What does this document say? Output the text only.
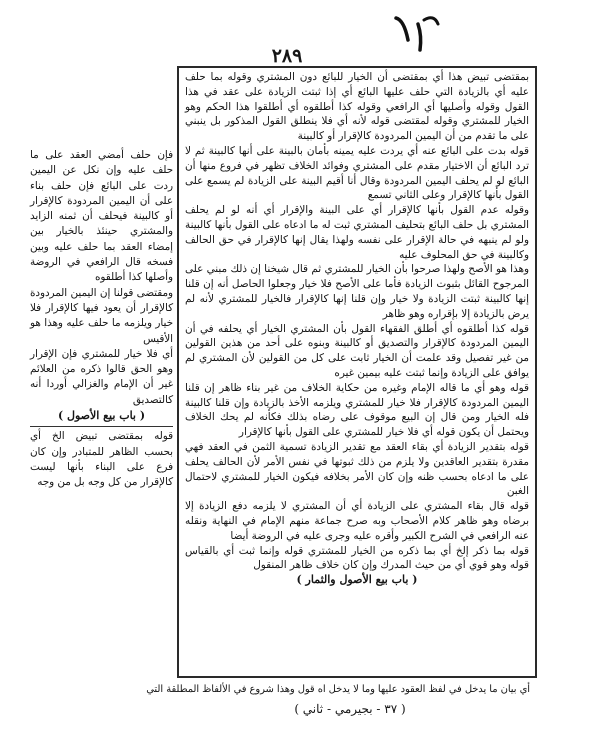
٢٨٩

بمقتضى تبيض هذا أي بمقتضى أن الخيار للبائع دون المشتري وقوله بما حلف عليه أي بالزيادة التي حلف عليها البائع أي إذا ثبتت الزيادة على عقد في هذا القول وقوله وأصليها أي الرافعي وقوله كذا أطلقوه أي أطلقوا هذا الحكم وهو الخيار للمشتري وقوله لمقتضى قوله لأنه أي فلا ينطلق القول المذكور بل ينبني على ما تقدم من أن اليمين المردودة كالإقرار أو كالبينة

قوله بدت على البائع عنه أي يردت عليه يمينه بأمان بالبينة على أنها كالبينة ثم لا ترد البائع أن الاختيار مقدم على المشتري وفوائد الخلاف تظهر في فروع منها أن البائع لو لم يحلف اليمين المردودة وقال أنا أقيم البينة على الزيادة لم يسمع على القول بأنها كالإقرار وعلى الثاني تسمع

وقوله عدم القول بأنها كالإقرار أي على البينة والإقرار أي أنه لو لم يحلف المشتري بل حلف البائع بتحليف المشتري ثبت له ما ادعاه على القول بأنها كالبينة ولو لم ينبهه في حالة الإقرار على نفسه ولهذا يقال إنها كالإقرار في حق الحالف وكالبينة في حق المحلوف عليه

وهذا هو الأصح ولهذا صرحوا بأن الخيار للمشتري ثم قال شيخنا إن ذلك مبني على المرجوح القائل بثبوت الزيادة فأما على الأصح فلا خيار وجعلوا الحاصل أنه إن قلنا إنها كالبينة ثبتت الزيادة ولا خيار وإن قلنا إنها كالإقرار فالخيار للمشتري لأنه لم يرض بالزيادة إلا بإقراره وهو ظاهر

قوله كذا أطلقوه أي أطلق الفقهاء القول بأن المشتري الخيار أي يحلفه في أن اليمين المردودة كالإقرار والتصديق أو كالبينة وبنوه على أحد من هذين القولين من غير تفصيل وقد علمت أن الخيار ثابت على كل من القولين لأن المشتري لم يوافق على الزيادة وإنما ثبتت عليه بيمين غيره

قوله وهو أي ما قاله الإمام وغيره من حكاية الخلاف من غير بناء ظاهر إن قلنا اليمين المردودة كالإقرار فلا خيار للمشتري ويلزمه الأخذ بالزيادة وإن قلنا كالبينة فله الخيار ومن قال إن البيع موقوف على رضاه بذلك فكأنه لم يحك الخلاف ويحتمل أن يكون قوله أي فلا خيار للمشتري على القول بأنها كالإقرار

قوله بتقدير الزيادة أي بقاء العقد مع تقدير الزيادة تسمية الثمن في العقد فهي مقدرة بتقدير العاقدين ولا يلزم من ذلك ثبوتها في نفس الأمر لأن الحالف يحلف على ما ادعاه بحسب ظنه وإن كان الأمر بخلافه فيكون الخيار للمشتري لاحتمال الغبن

قوله قال بقاء المشتري على الزيادة أي أن المشتري لا يلزمه دفع الزيادة إلا برضاه وهو ظاهر كلام الأصحاب وبه صرح جماعة منهم الإمام في النهاية ونقله عنه الرافعي في الشرح الكبير وأقره عليه وجرى عليه في الروضة أيضا

قوله بما ذكر إلخ أي بما ذكره من الخيار للمشتري قوله وإنما ثبت أي بالقياس قوله وهو قوي أي من حيث المدرك وإن كان خلاف ظاهر المنقول

( باب بيع الأصول والثمار )

فإن حلف أمضي العقد على ما حلف عليه وإن نكل عن اليمين ردت على البائع فإن حلف بناء على أن اليمين المردودة كالإقرار أو كالبينة فيحلف أن ثمنه الزايد والمشتري حينئذ بالخيار بين إمضاء العقد بما حلف عليه وبين فسخه قال الرافعي في الروضة وأصلها كذا أطلقوه

ومقتضى قولنا إن اليمين المردودة كالإقرار أن يعود فيها كالإقرار فلا خيار ويلزمه ما حلف عليه وهذا هو الأقيس

أي فلا خيار للمشتري فإن الإقرار وهو الحق قالوا ذكره من العلائم غير أن الإمام والغزالي أوردا أنه كالتصديق

( باب بيع الأصول )

قوله بمقتضى تبيض الخ أي بحسب الظاهر للمتبادر وإن كان فرع على البناء بأنها ليست كالإقرار من كل وجه بل من وجه

أي بيان ما يدخل في لفظ العقود عليها وما لا يدخل اه قول وهذا شروع في الألفاظ المطلقة التي
( ٣٧ - بجيرمي - ثاني )
